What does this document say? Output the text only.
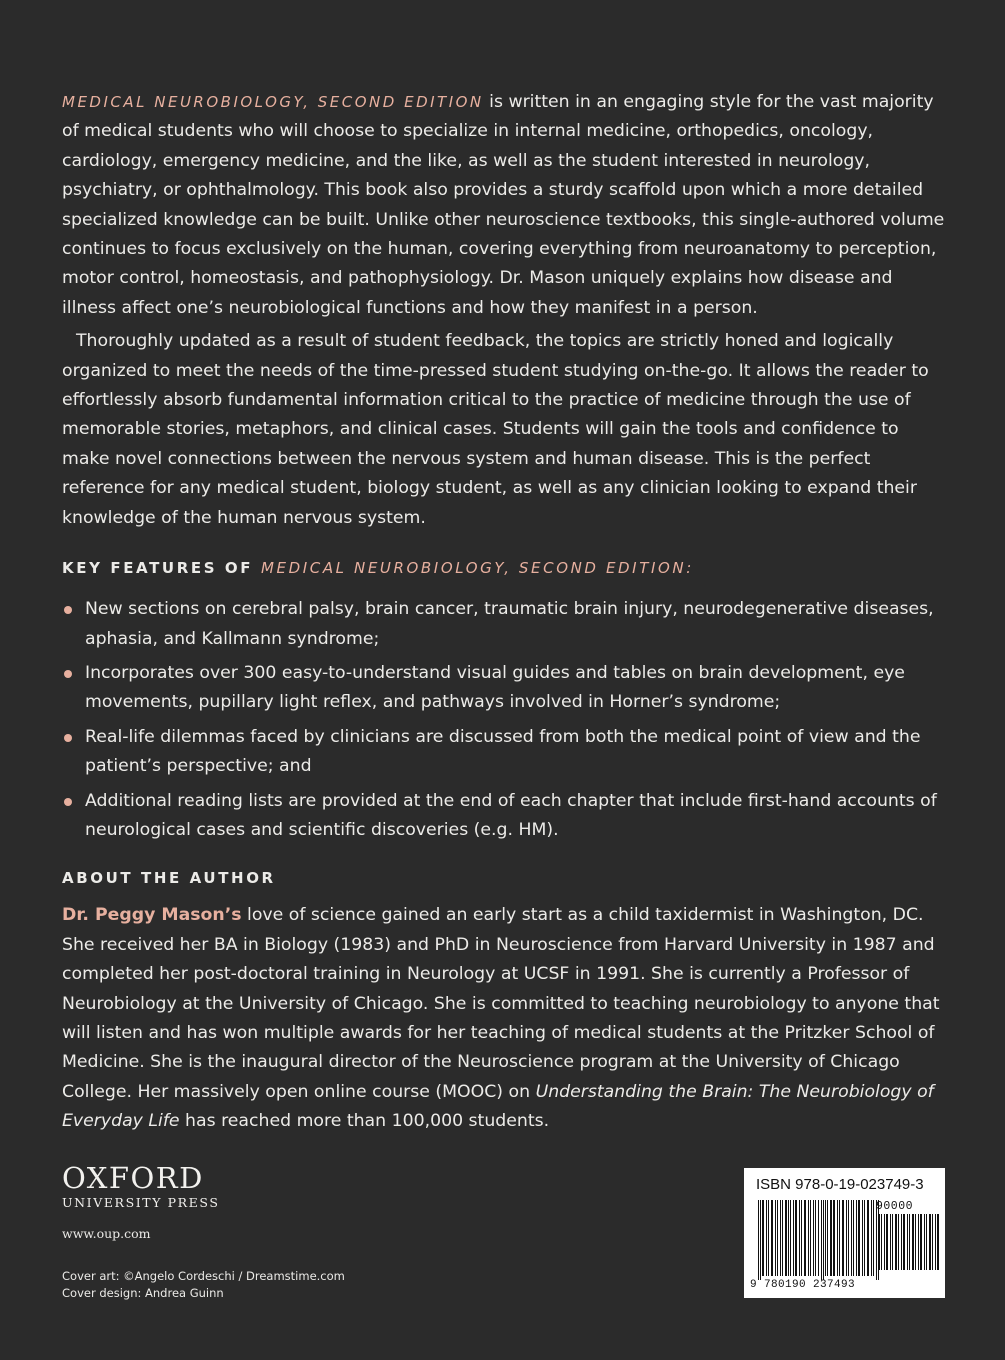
MEDICAL NEUROBIOLOGY, SECOND EDITION is written in an engaging style for the vast majority of medical students who will choose to specialize in internal medicine, orthopedics, oncology, cardiology, emergency medicine, and the like, as well as the student interested in neurology, psychiatry, or ophthalmology. This book also provides a sturdy scaffold upon which a more detailed specialized knowledge can be built. Unlike other neuroscience textbooks, this single-authored volume continues to focus exclusively on the human, covering everything from neuroanatomy to perception, motor control, homeostasis, and pathophysiology. Dr. Mason uniquely explains how disease and illness affect one’s neurobiological functions and how they manifest in a person.

Thoroughly updated as a result of student feedback, the topics are strictly honed and logically organized to meet the needs of the time-pressed student studying on-the-go. It allows the reader to effortlessly absorb fundamental information critical to the practice of medicine through the use of memorable stories, metaphors, and clinical cases. Students will gain the tools and confidence to make novel connections between the nervous system and human disease. This is the perfect reference for any medical student, biology student, as well as any clinician looking to expand their knowledge of the human nervous system.

KEY FEATURES OF MEDICAL NEUROBIOLOGY, SECOND EDITION:
New sections on cerebral palsy, brain cancer, traumatic brain injury, neurodegenerative diseases, aphasia, and Kallmann syndrome;
Incorporates over 300 easy-to-understand visual guides and tables on brain development, eye movements, pupillary light reflex, and pathways involved in Horner’s syndrome;
Real-life dilemmas faced by clinicians are discussed from both the medical point of view and the patient’s perspective; and
Additional reading lists are provided at the end of each chapter that include first-hand accounts of neurological cases and scientific discoveries (e.g. HM).
ABOUT THE AUTHOR

Dr. Peggy Mason’s love of science gained an early start as a child taxidermist in Washington, DC. She received her BA in Biology (1983) and PhD in Neuroscience from Harvard University in 1987 and completed her post-doctoral training in Neurology at UCSF in 1991. She is currently a Professor of Neurobiology at the University of Chicago. She is committed to teaching neurobiology to anyone that will listen and has won multiple awards for her teaching of medical students at the Pritzker School of Medicine. She is the inaugural director of the Neuroscience program at the University of Chicago College. Her massively open online course (MOOC) on Understanding the Brain: The Neurobiology of Everyday Life has reached more than 100,000 students.

OXFORD
UNIVERSITY PRESS
www.oup.com
Cover art: ©Angelo Cordeschi / Dreamstime.com
Cover design: Andrea Guinn
ISBN 978-0-19-023749-3
90000
9 780190 237493
